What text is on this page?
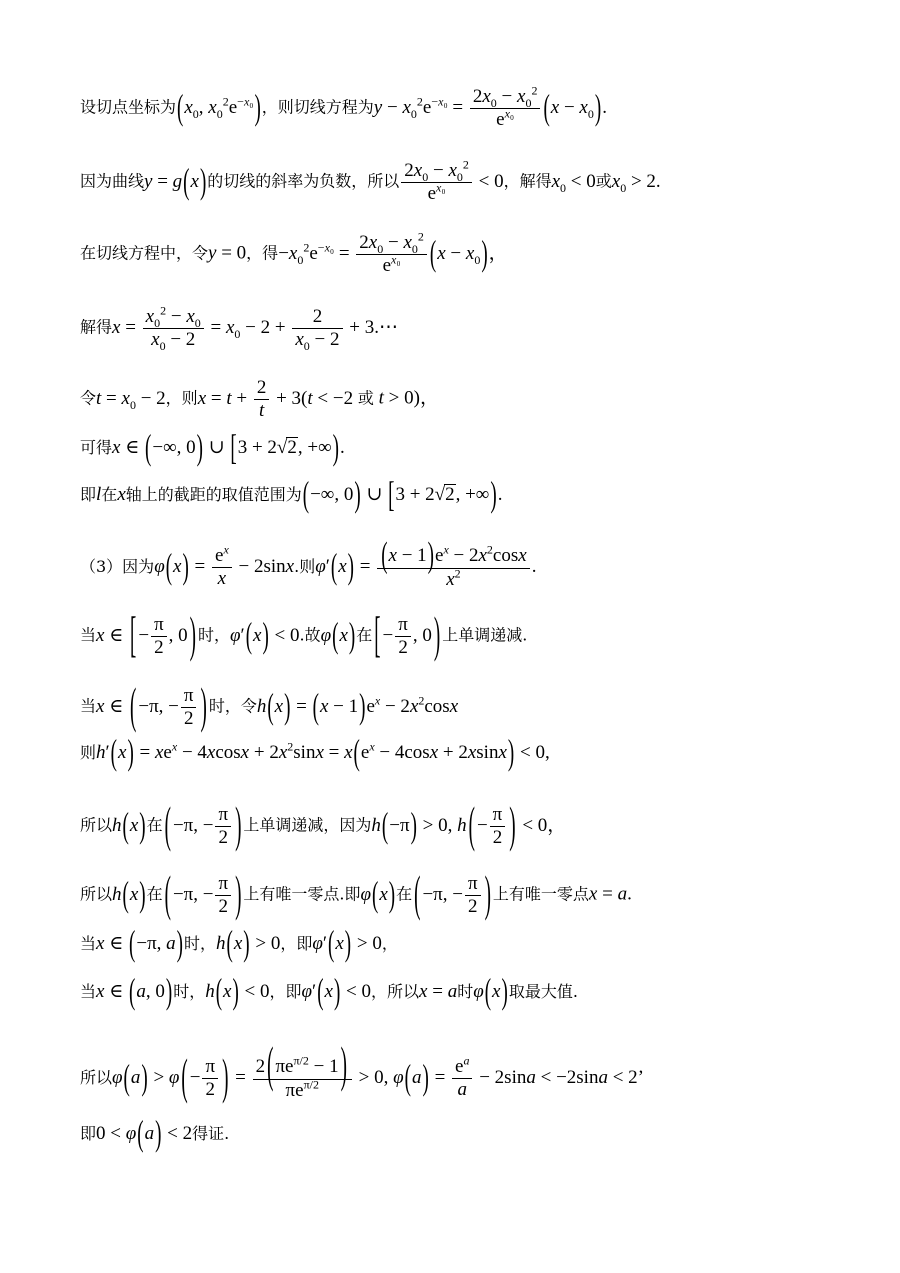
设切点坐标为($x_0$, $x_0^2e^{-x_0}$)，则切线方程为$y - x_0^2e^{-x_0} = \frac{2x_0 - x_0^2}{e^{x_0}} (x - x_0)$.
因为曲线y = g(x)的切线的斜率为负数，所以 $\frac{2x_0 - x_0^2}{e^{x_0}} < 0$，解得$x_0 < 0$或$x_0 > 2$.
在切线方程中，令y = 0，得$-x_0^2e^{-x_0} = \frac{2x_0 - x_0^2}{e^{x_0}} (x - x_0)$，
解得$x = \frac{x_0^2 - x_0}{x_0 - 2} = x_0 - 2 + \frac{2}{x_0 - 2}$ + 3.⋯
令$t = x_0 - 2$，则$x = t + \frac{2}{t} + 3(t < -2$ 或 t > 0)，
可得x ∈ (−∞, 0) ∪ [3 + 2√2, +∞).
即l在x轴上的截距的取值范围为(−∞, 0) ∪ [3 + 2√2, +∞).
（3）因为$\varphi(x) = \frac{e^x}{x} - 2\sin x$.则$\varphi'(x) = \frac{(x - 1)e^x - 2x^2\cos x}{x^2}$ .
当x ∈ [ − $\frac{\pi}{2}$ , 0 ) 时，φ′(x) < 0.故φ(x)在 [ − $\frac{\pi}{2}$ , 0 ) 上单调递减.
当x ∈ ( −π, − $\frac{\pi}{2}$ ) 时，令$h(x) = (x - 1)e^x - 2x^2\cos x$
则$h'(x) = xe^x - 4xcosx + 2x^2\sin x = x(e^x - 4\cos x + 2xsinx) < 0$,
所以h(x)在 ( −π, − $\frac{\pi}{2}$ ) 上单调递减，因为h(−π) > 0, h ( − $\frac{\pi}{2}$ ) < 0，
所以h(x)在 ( −π, − $\frac{\pi}{2}$ ) 上有唯一零点.即φ(x)在 ( −π, − $\frac{\pi}{2}$ ) 上有唯一零点x = a.
当x ∈ (−π, a)时，h(x) > 0，即φ′(x) > 0，
当x ∈ (a, 0)时，h(x) < 0，即φ′(x) < 0，所以x = a时φ(x)取最大值.
所以φ(a) > φ ( − $\frac{\pi}{2}$ ) = $\frac{2 ( \pi e^{\pi/2} - 1 )}{\pi e^{\pi/2}} > 0$, $\varphi(a) = \frac{e^a}{a} - 2\sin a < -2\sin a < 2$’
即0 < φ(a) < 2得证.
